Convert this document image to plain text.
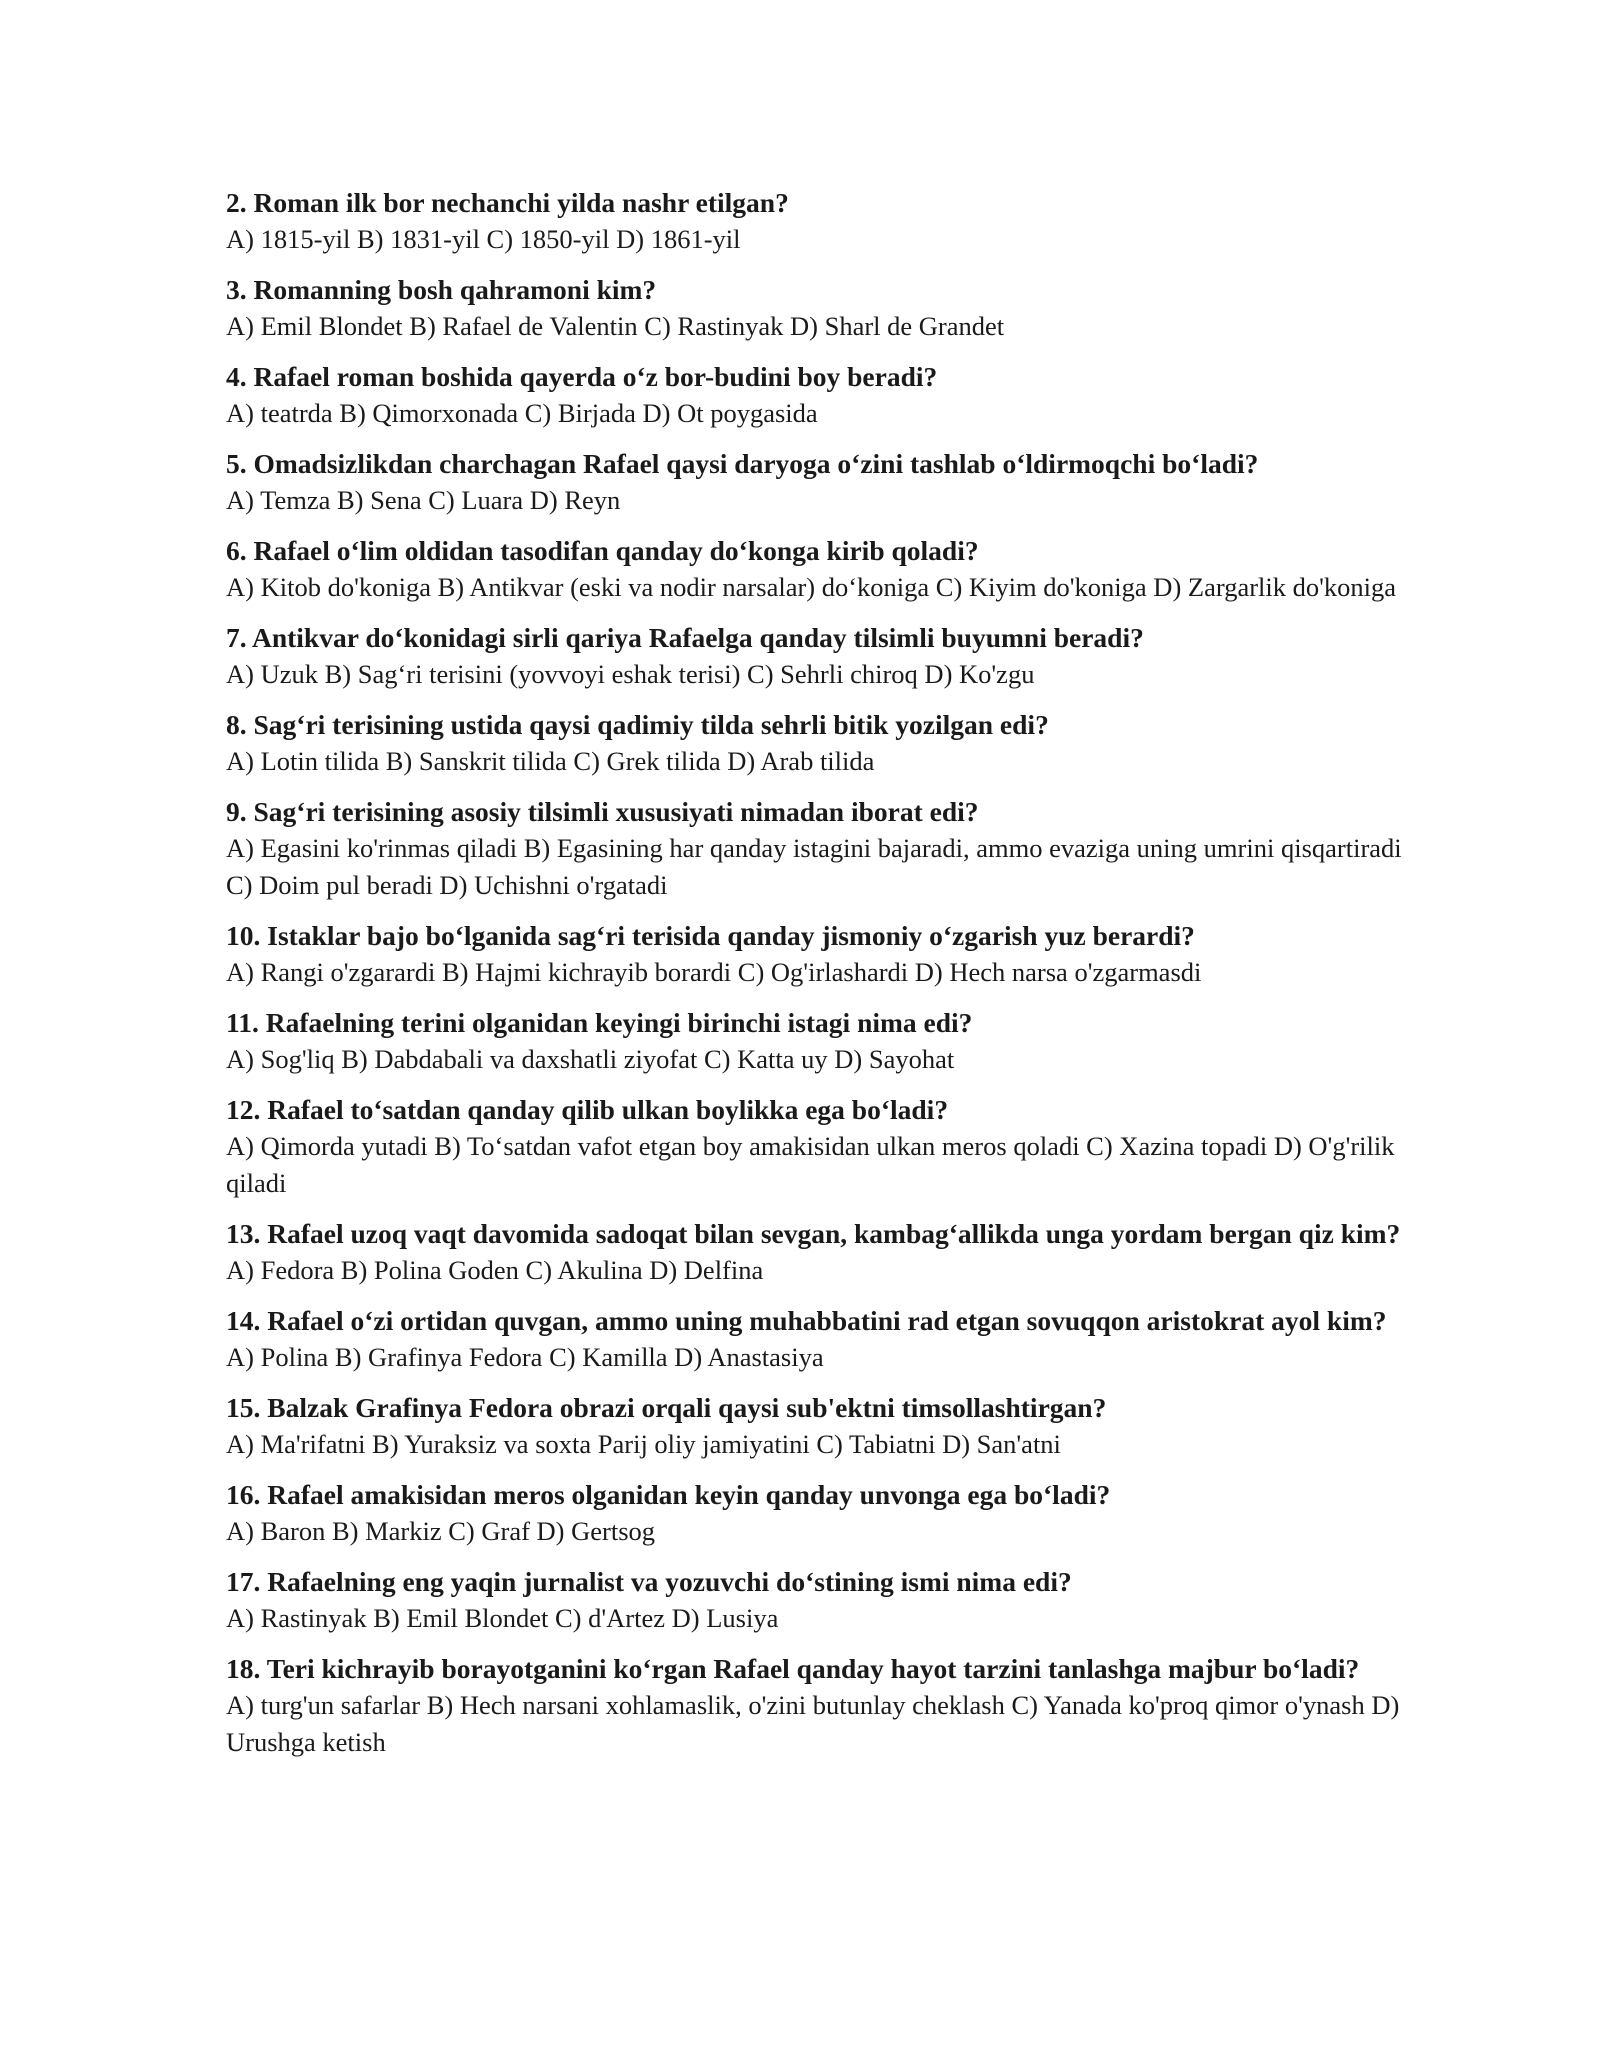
2. Roman ilk bor nechanchi yilda nashr etilgan?

A) 1815-yil B) 1831-yil C) 1850-yil D) 1861-yil

3. Romanning bosh qahramoni kim?

A) Emil Blondet B) Rafael de Valentin C) Rastinyak D) Sharl de Grandet

4. Rafael roman boshida qayerda o‘z bor-budini boy beradi?

A) teatrda B) Qimorxonada C) Birjada D) Ot poygasida

5. Omadsizlikdan charchagan Rafael qaysi daryoga o‘zini tashlab o‘ldirmoqchi bo‘ladi?

A) Temza B) Sena C) Luara D) Reyn

6. Rafael o‘lim oldidan tasodifan qanday do‘konga kirib qoladi?

A) Kitob do'koniga B) Antikvar (eski va nodir narsalar) do‘koniga C) Kiyim do'koniga D) Zargarlik do'koniga

7. Antikvar do‘konidagi sirli qariya Rafaelga qanday tilsimli buyumni beradi?

A) Uzuk B) Sag‘ri terisini (yovvoyi eshak terisi) C) Sehrli chiroq D) Ko'zgu

8. Sag‘ri terisining ustida qaysi qadimiy tilda sehrli bitik yozilgan edi?

A) Lotin tilida B) Sanskrit tilida C) Grek tilida D) Arab tilida

9. Sag‘ri terisining asosiy tilsimli xususiyati nimadan iborat edi?

A) Egasini ko'rinmas qiladi B) Egasining har qanday istagini bajaradi, ammo evaziga uning umrini qisqartiradi C) Doim pul beradi D) Uchishni o'rgatadi

10. Istaklar bajo bo‘lganida sag‘ri terisida qanday jismoniy o‘zgarish yuz berardi?

A) Rangi o'zgarardi B) Hajmi kichrayib borardi C) Og'irlashardi D) Hech narsa o'zgarmasdi

11. Rafaelning terini olganidan keyingi birinchi istagi nima edi?

A) Sog'liq B) Dabdabali va daxshatli ziyofat C) Katta uy D) Sayohat

12. Rafael to‘satdan qanday qilib ulkan boylikka ega bo‘ladi?

A) Qimorda yutadi B) To‘satdan vafot etgan boy amakisidan ulkan meros qoladi C) Xazina topadi D) O'g'rilik qiladi

13. Rafael uzoq vaqt davomida sadoqat bilan sevgan, kambag‘allikda unga yordam bergan qiz kim?

A) Fedora B) Polina Goden C) Akulina D) Delfina

14. Rafael o‘zi ortidan quvgan, ammo uning muhabbatini rad etgan sovuqqon aristokrat ayol kim?

A) Polina B) Grafinya Fedora C) Kamilla D) Anastasiya

15. Balzak Grafinya Fedora obrazi orqali qaysi sub'ektni timsollashtirgan?

A) Ma'rifatni B) Yuraksiz va soxta Parij oliy jamiyatini C) Tabiatni D) San'atni

16. Rafael amakisidan meros olganidan keyin qanday unvonga ega bo‘ladi?

A) Baron B) Markiz C) Graf D) Gertsog

17. Rafaelning eng yaqin jurnalist va yozuvchi do‘stining ismi nima edi?

A) Rastinyak B) Emil Blondet C) d'Artez D) Lusiya

18. Teri kichrayib borayotganini ko‘rgan Rafael qanday hayot tarzini tanlashga majbur bo‘ladi?

A) turg'un safarlar B) Hech narsani xohlamaslik, o'zini butunlay cheklash C) Yanada ko'proq qimor o'ynash D) Urushga ketish
